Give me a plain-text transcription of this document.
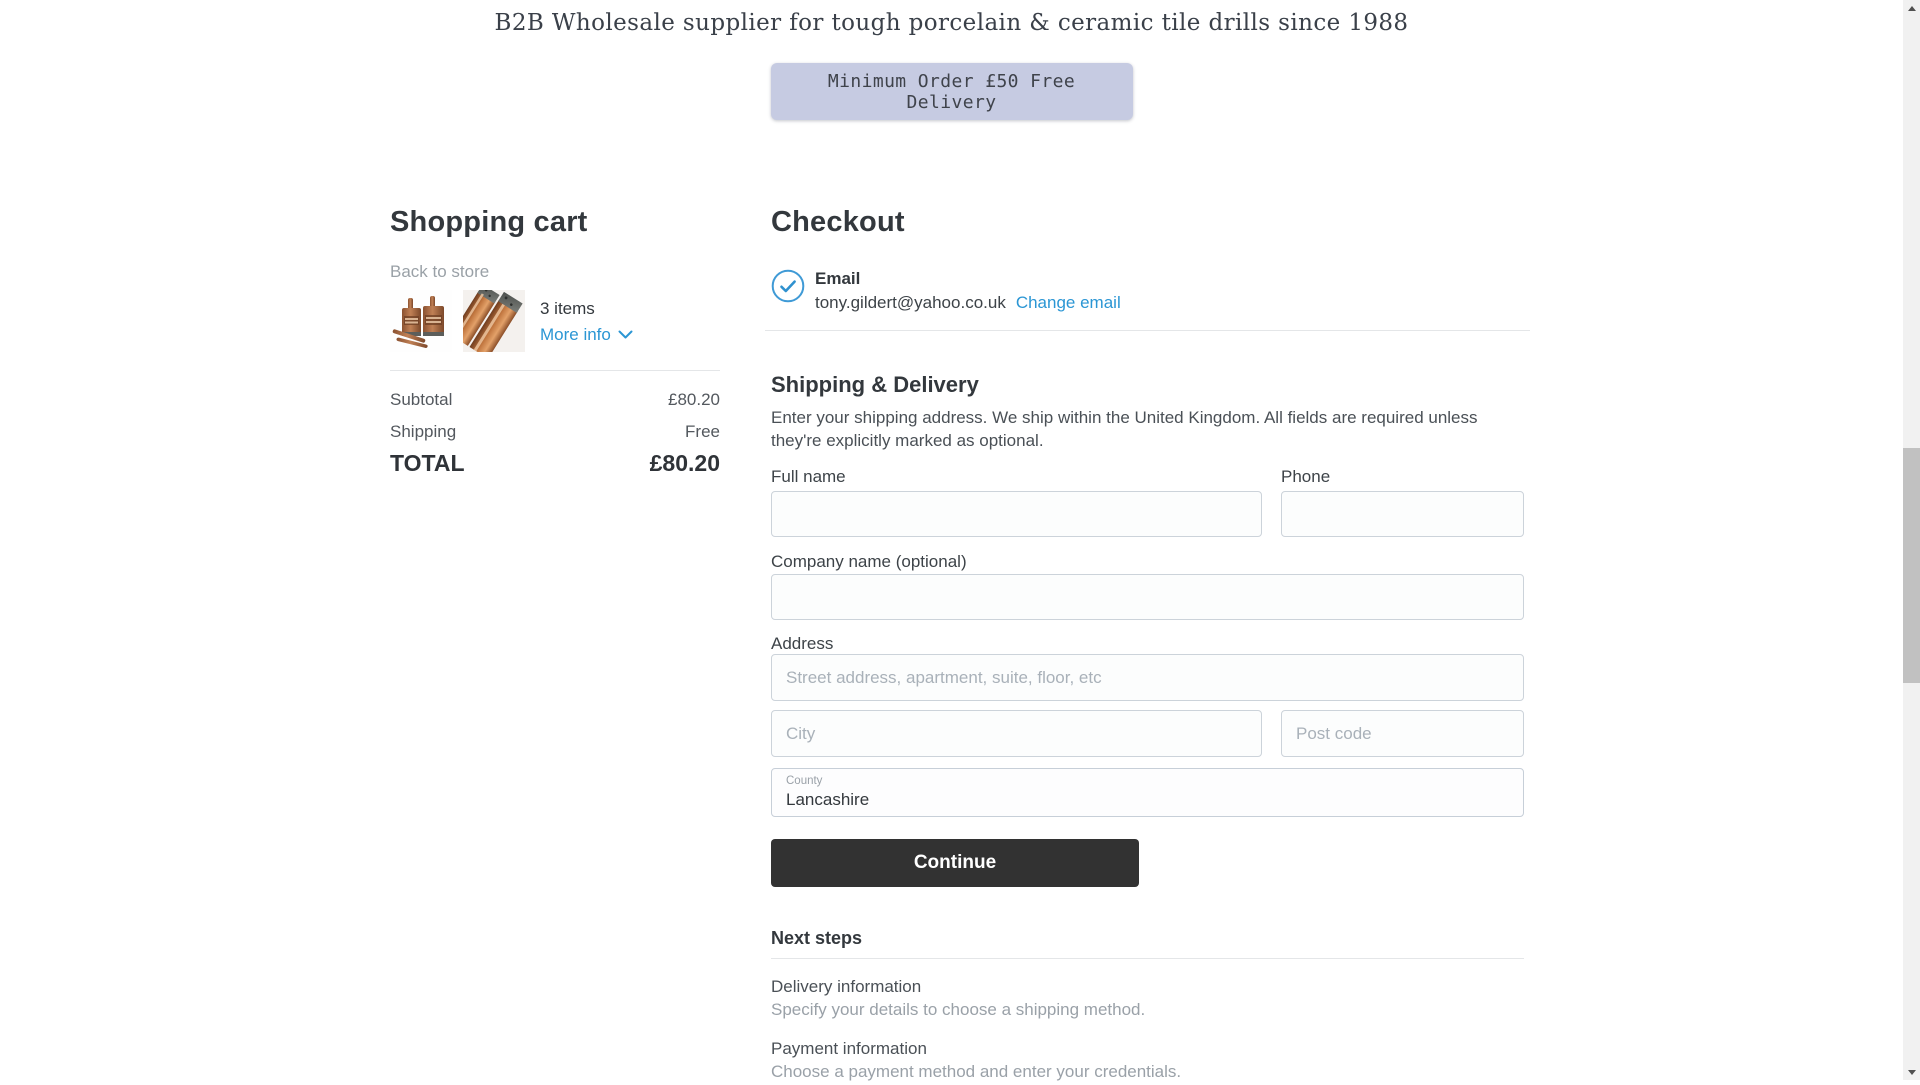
B2B Wholesale supplier for tough porcelain & ceramic tile drills since 1988
Minimum Order £50 Free Delivery
Shopping cart
Back to store
3 items
More info
Subtotal	£80.20
Shipping	Free
TOTAL	£80.20
Checkout
Email
tony.gildert@yahoo.co.uk Change email
Shipping & Delivery

Enter your shipping address. We ship within the United Kingdom. All fields are required unless they're explicitly marked as optional.

Full name	Phone
Company name (optional)
Address
Street address, apartment, suite, floor, etc
City
Post code
County
Lancashire
Continue
Next steps
Delivery information
Specify your details to choose a shipping method.
Payment information
Choose a payment method and enter your credentials.
